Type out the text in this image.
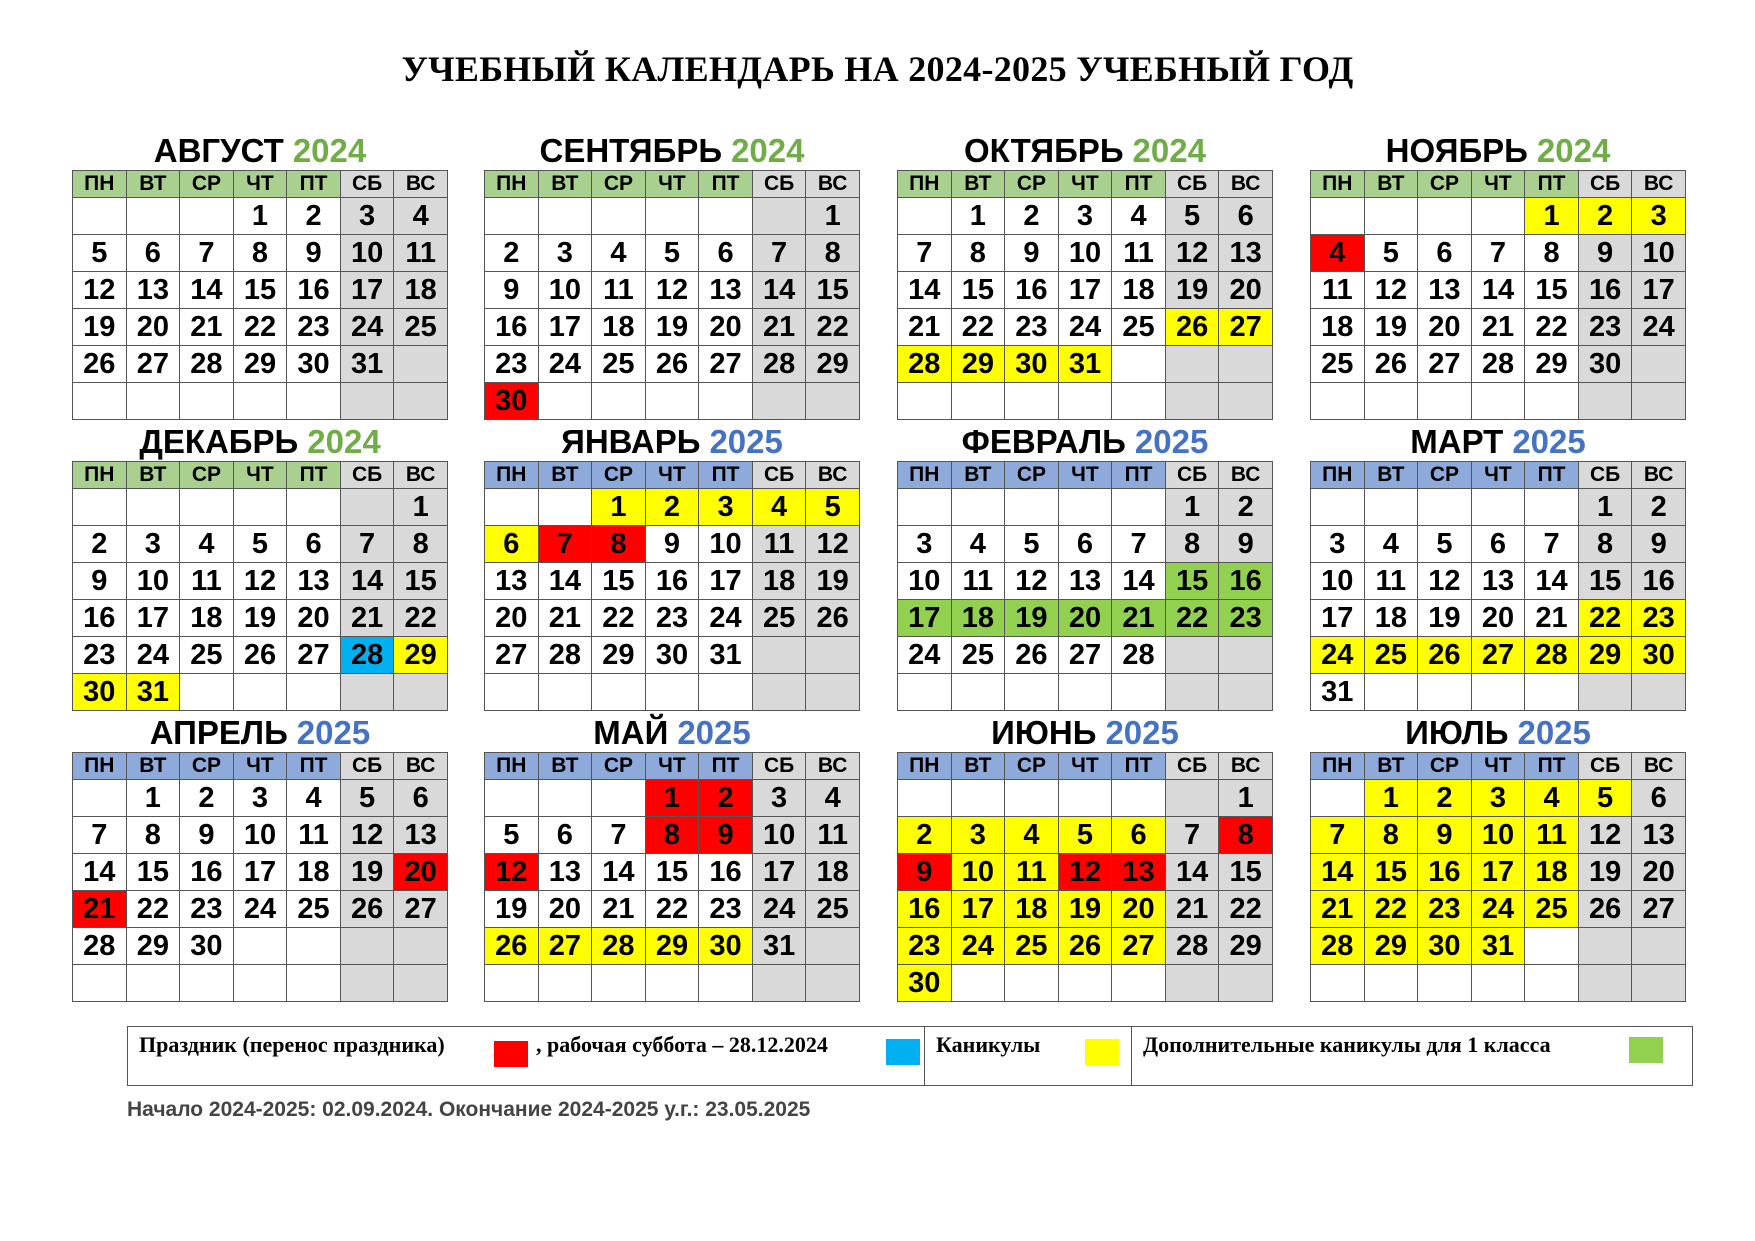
УЧЕБНЫЙ КАЛЕНДАРЬ НА 2024-2025 УЧЕБНЫЙ ГОД
АВГУСТ 2024
ПН	ВТ	СР	ЧТ	ПТ	СБ	ВС
			1	2	3	4
5	6	7	8	9	10	11
12	13	14	15	16	17	18
19	20	21	22	23	24	25
26	27	28	29	30	31	

СЕНТЯБРЬ 2024
ПН	ВТ	СР	ЧТ	ПТ	СБ	ВС
						1
2	3	4	5	6	7	8
9	10	11	12	13	14	15
16	17	18	19	20	21	22
23	24	25	26	27	28	29
30						
ОКТЯБРЬ 2024
ПН	ВТ	СР	ЧТ	ПТ	СБ	ВС
	1	2	3	4	5	6
7	8	9	10	11	12	13
14	15	16	17	18	19	20
21	22	23	24	25	26	27
28	29	30	31			

НОЯБРЬ 2024
ПН	ВТ	СР	ЧТ	ПТ	СБ	ВС
				1	2	3
4	5	6	7	8	9	10
11	12	13	14	15	16	17
18	19	20	21	22	23	24
25	26	27	28	29	30	

ДЕКАБРЬ 2024
ПН	ВТ	СР	ЧТ	ПТ	СБ	ВС
						1
2	3	4	5	6	7	8
9	10	11	12	13	14	15
16	17	18	19	20	21	22
23	24	25	26	27	28	29
30	31					
ЯНВАРЬ 2025
ПН	ВТ	СР	ЧТ	ПТ	СБ	ВС
		1	2	3	4	5
6	7	8	9	10	11	12
13	14	15	16	17	18	19
20	21	22	23	24	25	26
27	28	29	30	31		

ФЕВРАЛЬ 2025
ПН	ВТ	СР	ЧТ	ПТ	СБ	ВС
					1	2
3	4	5	6	7	8	9
10	11	12	13	14	15	16
17	18	19	20	21	22	23
24	25	26	27	28		

МАРТ 2025
ПН	ВТ	СР	ЧТ	ПТ	СБ	ВС
					1	2
3	4	5	6	7	8	9
10	11	12	13	14	15	16
17	18	19	20	21	22	23
24	25	26	27	28	29	30
31						
АПРЕЛЬ 2025
ПН	ВТ	СР	ЧТ	ПТ	СБ	ВС
	1	2	3	4	5	6
7	8	9	10	11	12	13
14	15	16	17	18	19	20
21	22	23	24	25	26	27
28	29	30				

МАЙ 2025
ПН	ВТ	СР	ЧТ	ПТ	СБ	ВС
			1	2	3	4
5	6	7	8	9	10	11
12	13	14	15	16	17	18
19	20	21	22	23	24	25
26	27	28	29	30	31	

ИЮНЬ 2025
ПН	ВТ	СР	ЧТ	ПТ	СБ	ВС
						1
2	3	4	5	6	7	8
9	10	11	12	13	14	15
16	17	18	19	20	21	22
23	24	25	26	27	28	29
30						
ИЮЛЬ 2025
ПН	ВТ	СР	ЧТ	ПТ	СБ	ВС
	1	2	3	4	5	6
7	8	9	10	11	12	13
14	15	16	17	18	19	20
21	22	23	24	25	26	27
28	29	30	31			

Праздник (перенос праздника)	, рабочая суббота – 28.12.2024	Каникулы	Дополнительные каникулы для 1 класса
Начало 2024-2025: 02.09.2024. Окончание 2024-2025 у.г.: 23.05.2025
